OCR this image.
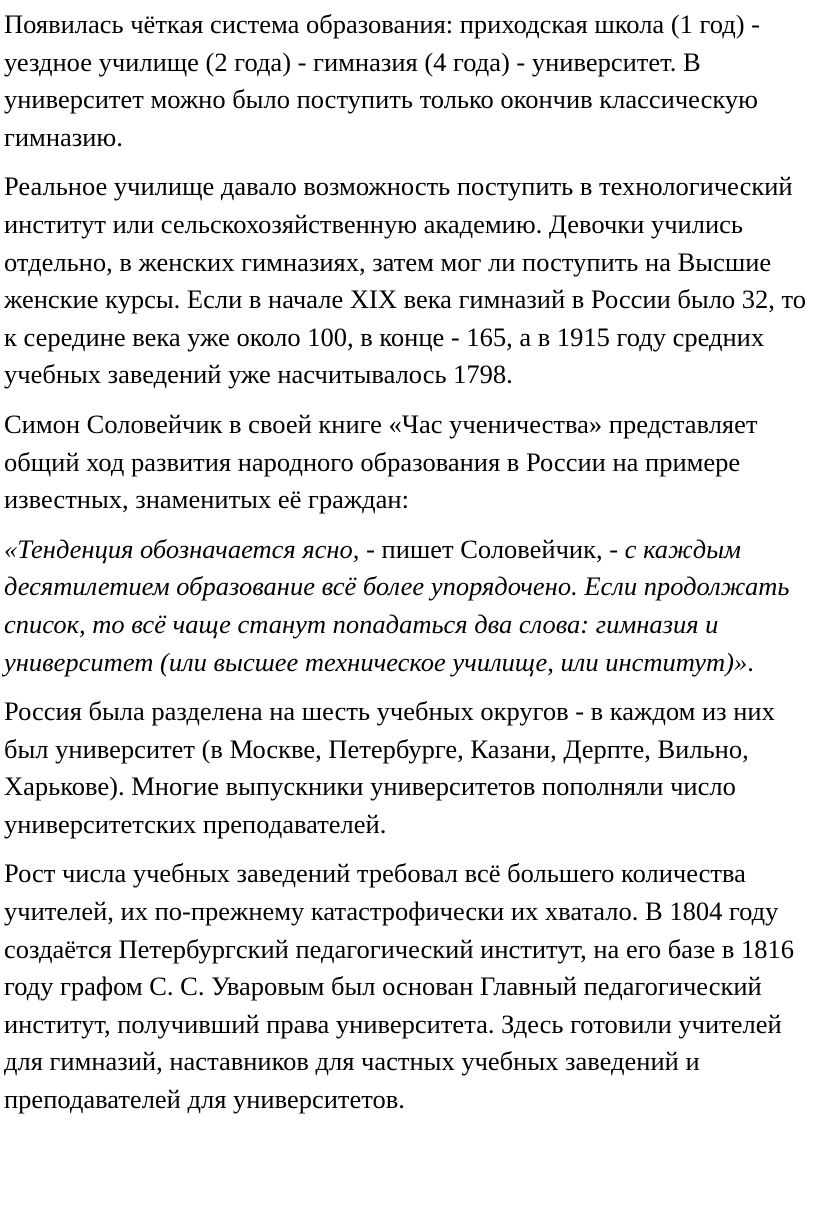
Появилась чёткая система образования: приходская школа (1 год) - уездное училище (2 года) - гимназия (4 года) - университет. В университет можно было поступить только окончив классическую гимназию.

Реальное училище давало возможность поступить в технологический институт или сельскохозяйственную академию. Девочки учились отдельно, в женских гимназиях, затем мог ли поступить на Высшие женские курсы. Если в начале XIX века гимназий в России было 32, то к середине века уже около 100, в конце - 165, а в 1915 году средних учебных заведений уже насчитывалось 1798.

Симон Соловейчик в своей книге «Час ученичества» представляет общий ход развития народного образования в России на примере известных, знаменитых её граждан:

«Тенденция обозначается ясно, - пишет Соловейчик, - с каждым десятилетием образование всё более упорядочено. Если продолжать список, то всё чаще станут попадаться два слова: гимназия и университет (или высшее техническое училище, или институт)».

Россия была разделена на шесть учебных округов - в каждом из них был университет (в Москве, Петербурге, Казани, Дерпте, Вильно, Харькове). Многие выпускники университетов пополняли число университетских преподавателей.

Рост числа учебных заведений требовал всё большего количества учителей, их по-прежнему катастрофически их хватало. В 1804 году создаётся Петербургский педагогический институт, на его базе в 1816 году графом С. С. Уваровым был основан Главный педагогический институт, получивший права университета. Здесь готовили учителей для гимназий, наставников для частных учебных заведений и преподавателей для университетов.
